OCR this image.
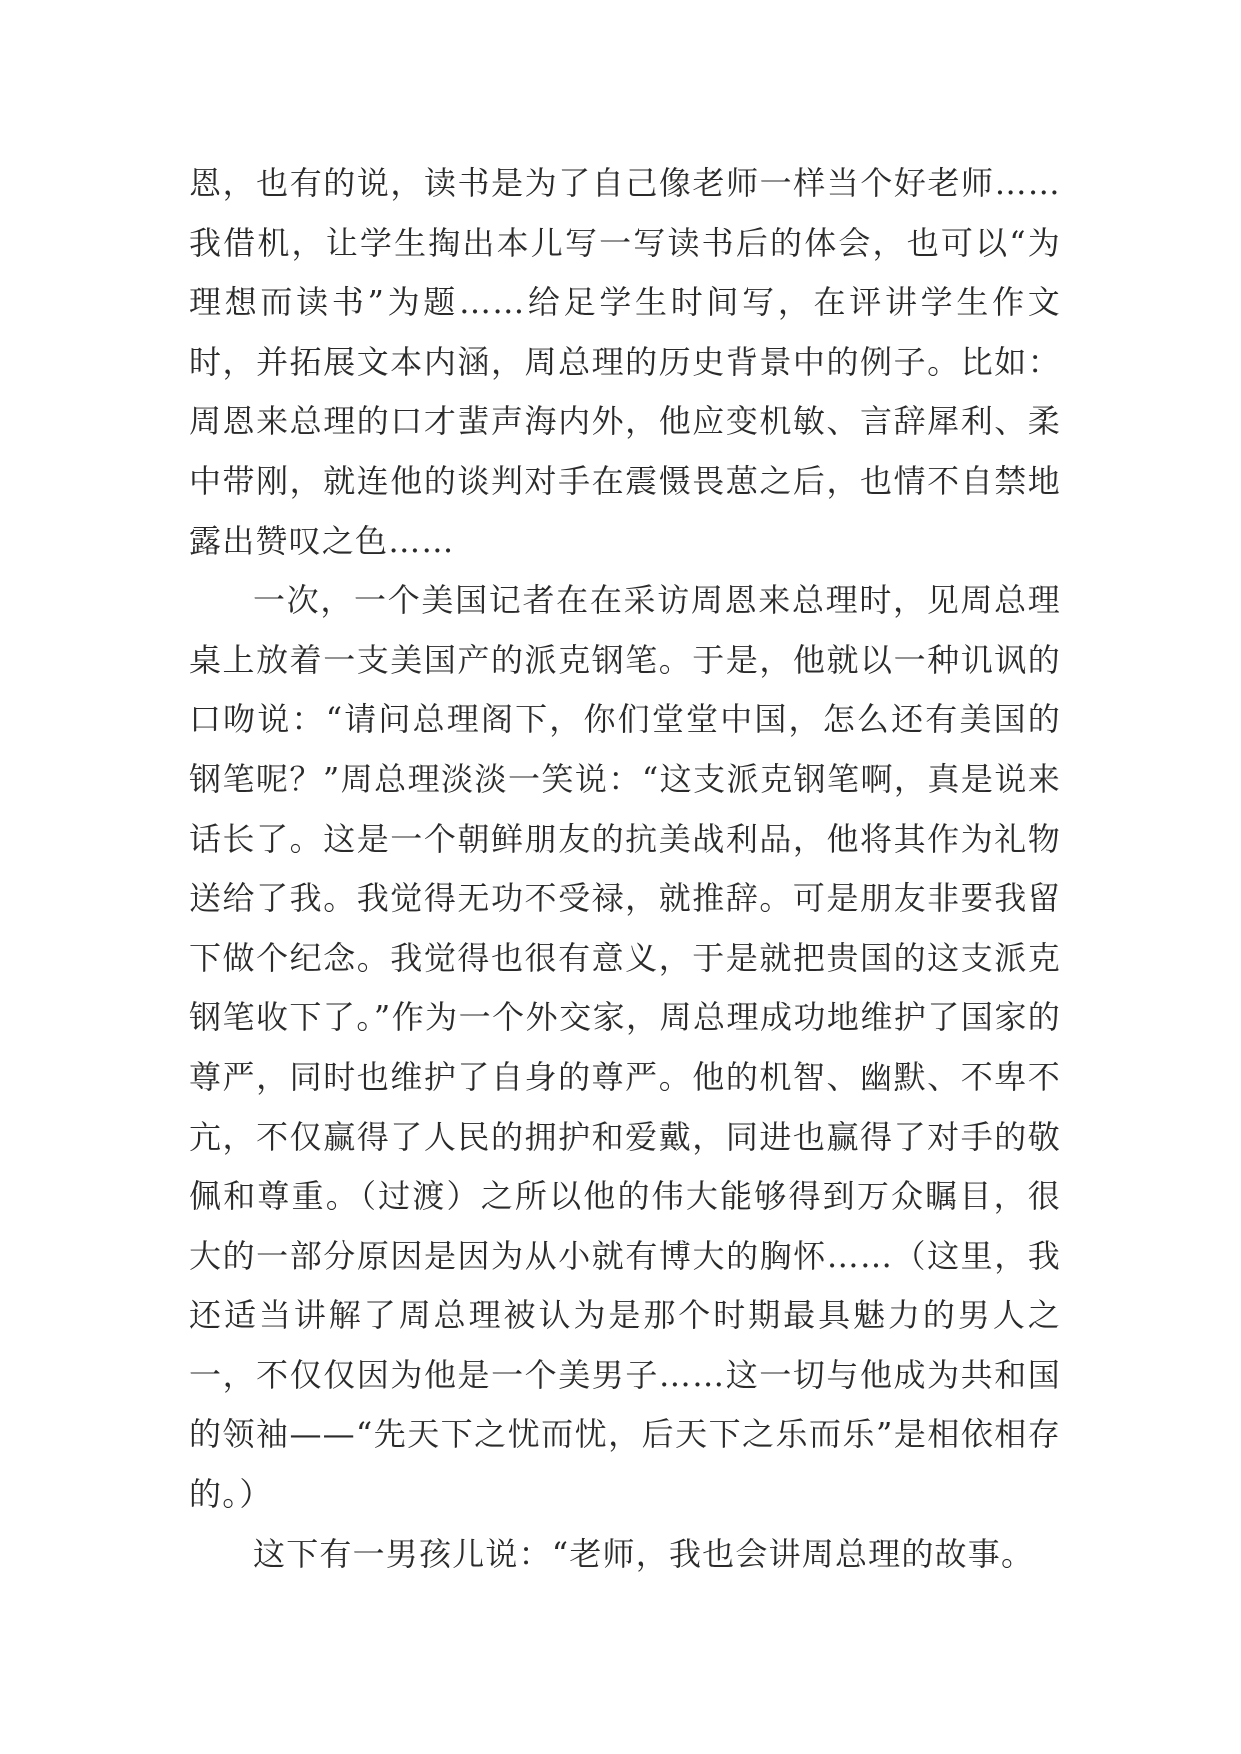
恩，也有的说，读书是为了自己像老师一样当个好老师……我借机，让学生掏出本儿写一写读书后的体会，也可以“为理想而读书”为题……给足学生时间写，在评讲学生作文时，并拓展文本内涵，周总理的历史背景中的例子。比如：周恩来总理的口才蜚声海内外，他应变机敏、言辞犀利、柔中带刚，就连他的谈判对手在震慑畏葸之后，也情不自禁地露出赞叹之色……

一次，一个美国记者在在采访周恩来总理时，见周总理桌上放着一支美国产的派克钢笔。于是，他就以一种讥讽的口吻说：“请问总理阁下，你们堂堂中国，怎么还有美国的钢笔呢？”周总理淡淡一笑说：“这支派克钢笔啊，真是说来话长了。这是一个朝鲜朋友的抗美战利品，他将其作为礼物送给了我。我觉得无功不受禄，就推辞。可是朋友非要我留下做个纪念。我觉得也很有意义，于是就把贵国的这支派克钢笔收下了。”作为一个外交家，周总理成功地维护了国家的尊严，同时也维护了自身的尊严。他的机智、幽默、不卑不亢，不仅赢得了人民的拥护和爱戴，同进也赢得了对手的敬佩和尊重。（过渡）之所以他的伟大能够得到万众瞩目，很大的一部分原因是因为从小就有博大的胸怀……（这里，我还适当讲解了周总理被认为是那个时期最具魅力的男人之一，不仅仅因为他是一个美男子……这一切与他成为共和国的领袖——“先天下之忧而忧，后天下之乐而乐”是相依相存的。）

这下有一男孩儿说：“老师，我也会讲周总理的故事。
